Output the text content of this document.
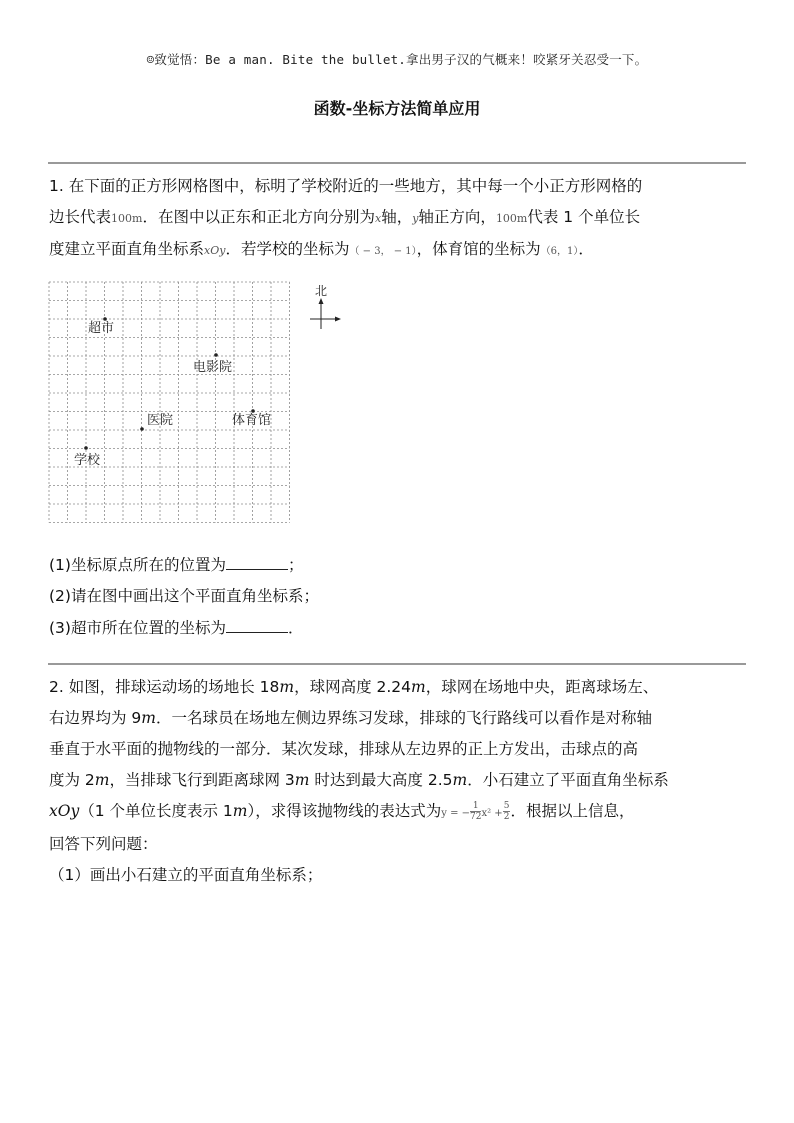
☺致觉悟：Be a man. Bite the bullet.拿出男子汉的气概来！咬紧牙关忍受一下。
函数-坐标方法简单应用
1. 在下面的正方形网格图中，标明了学校附近的一些地方，其中每一个小正方形网格的
边长代表100m．在图中以正东和正北方向分别为x轴，y轴正方向，100m代表 1 个单位长
度建立平面直角坐标系xOy．若学校的坐标为（ − 3， − 1），体育馆的坐标为（6，1）．
超市
电影院
医院	体育馆
学校
北
(1)坐标原点所在的位置为	；
(2)请在图中画出这个平面直角坐标系；
(3)超市所在位置的坐标为	．
2. 如图，排球运动场的场地长 18m，球网高度 2.24m，球网在场地中央，距离球场左、
右边界均为 9m．一名球员在场地左侧边界练习发球，排球的飞行路线可以看作是对称轴
垂直于水平面的抛物线的一部分．某次发球，排球从左边界的正上方发出，击球点的高
度为 2m，当排球飞行到距离球网 3m 时达到最大高度 2.5m．小石建立了平面直角坐标系
xOy（1 个单位长度表示 1m），求得该抛物线的表达式为y = − $\frac{1}{72} x^2 + \frac{5}{2}$ ．根据以上信息，
回答下列问题：
（1）画出小石建立的平面直角坐标系；
